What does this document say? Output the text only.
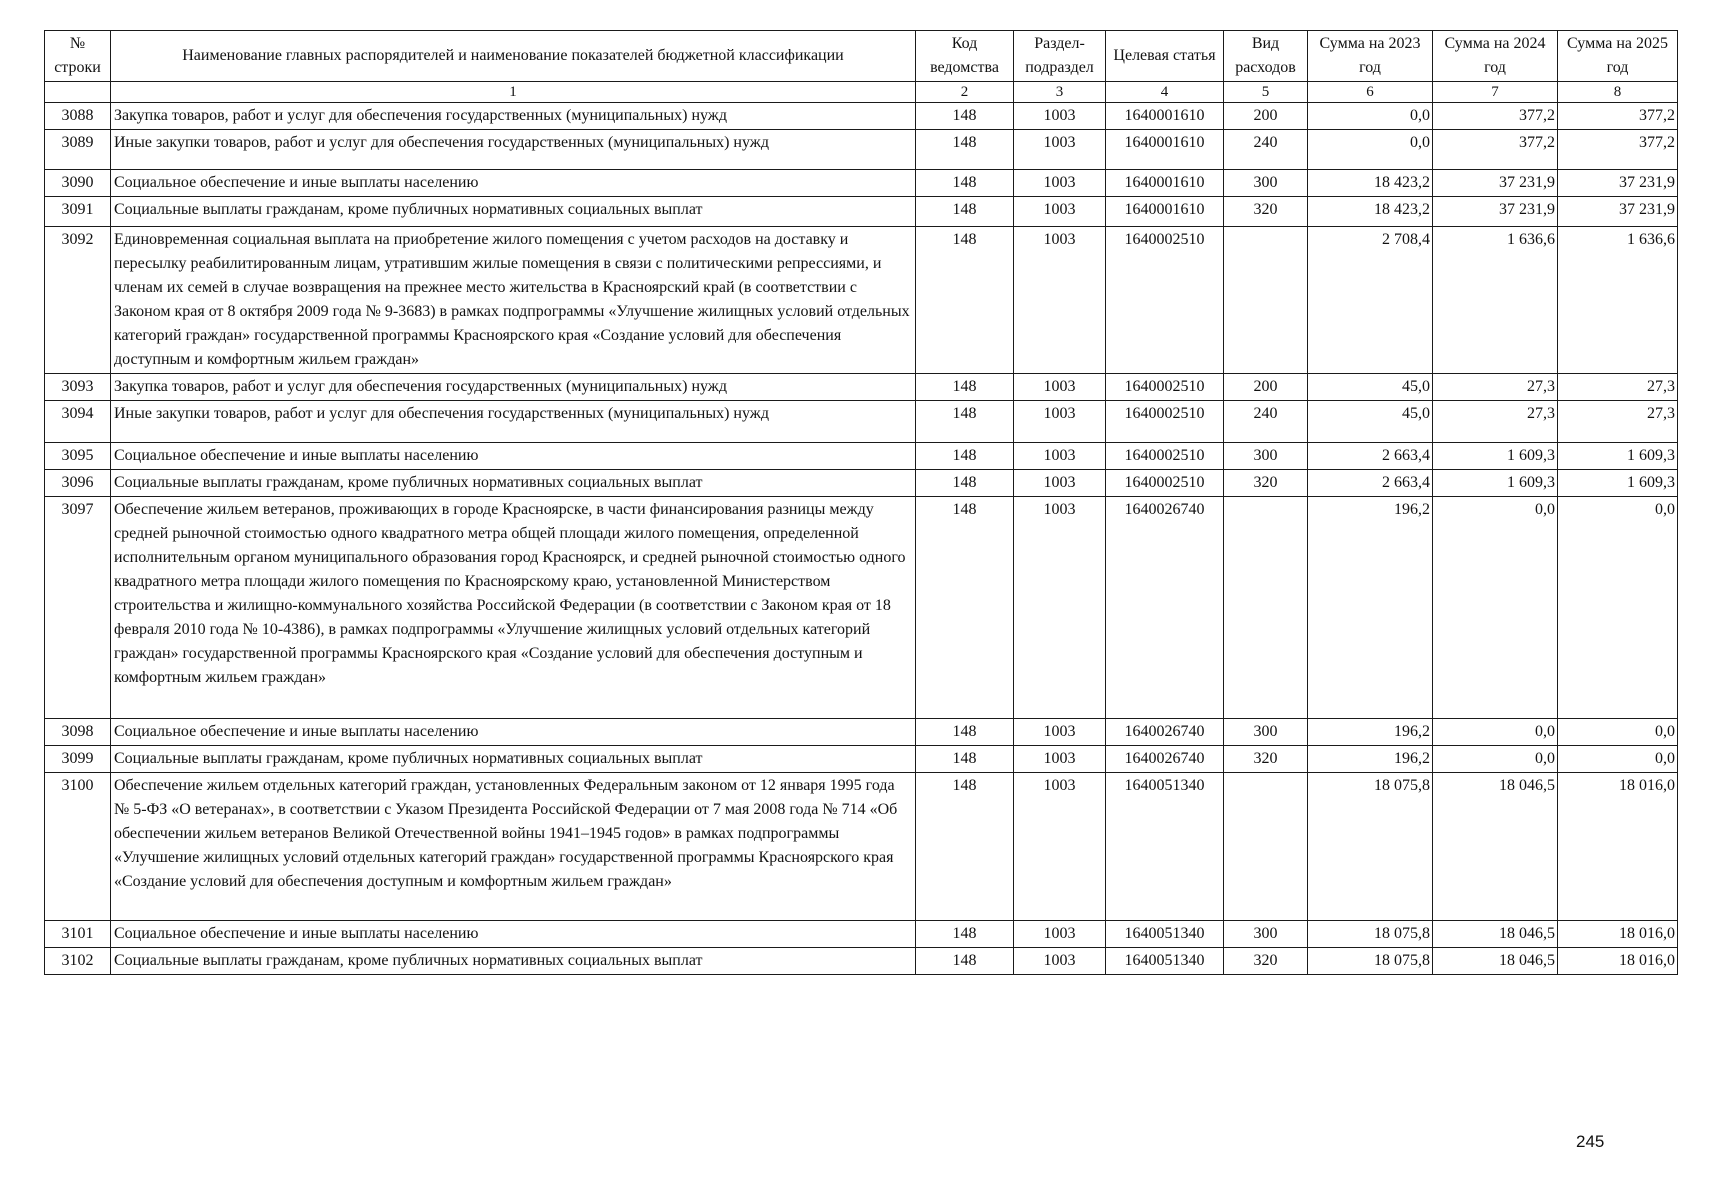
№ строки	Наименование главных распорядителей и наименование показателей бюджетной классификации	Код ведомства	Раздел-подраздел	Целевая статья	Вид расходов	Сумма на 2023 год	Сумма на 2024 год	Сумма на 2025 год
	1	2	3	4	5	6	7	8
3088	Закупка товаров, работ и услуг для обеспечения государственных (муниципальных) нужд	148	1003	1640001610	200	0,0	377,2	377,2
3089	Иные закупки товаров, работ и услуг для обеспечения государственных (муниципальных) нужд	148	1003	1640001610	240	0,0	377,2	377,2
3090	Социальное обеспечение и иные выплаты населению	148	1003	1640001610	300	18 423,2	37 231,9	37 231,9
3091	Социальные выплаты гражданам, кроме публичных нормативных социальных выплат	148	1003	1640001610	320	18 423,2	37 231,9	37 231,9
3092	Единовременная социальная выплата на приобретение жилого помещения с учетом расходов на доставку и пересылку реабилитированным лицам, утратившим жилые помещения в связи с политическими репрессиями, и членам их семей в случае возвращения на прежнее место жительства в Красноярский край (в соответствии с Законом края от 8 октября 2009 года № 9-3683) в рамках подпрограммы «Улучшение жилищных условий отдельных категорий граждан» государственной программы Красноярского края «Создание условий для обеспечения доступным и комфортным жильем граждан»	148	1003	1640002510		2 708,4	1 636,6	1 636,6
3093	Закупка товаров, работ и услуг для обеспечения государственных (муниципальных) нужд	148	1003	1640002510	200	45,0	27,3	27,3
3094	Иные закупки товаров, работ и услуг для обеспечения государственных (муниципальных) нужд	148	1003	1640002510	240	45,0	27,3	27,3
3095	Социальное обеспечение и иные выплаты населению	148	1003	1640002510	300	2 663,4	1 609,3	1 609,3
3096	Социальные выплаты гражданам, кроме публичных нормативных социальных выплат	148	1003	1640002510	320	2 663,4	1 609,3	1 609,3
3097	Обеспечение жильем ветеранов, проживающих в городе Красноярске, в части финансирования разницы между средней рыночной стоимостью одного квадратного метра общей площади жилого помещения, определенной исполнительным органом муниципального образования город Красноярск, и средней рыночной стоимостью одного квадратного метра площади жилого помещения по Красноярскому краю, установленной Министерством строительства и жилищно-коммунального хозяйства Российской Федерации (в соответствии с Законом края от 18 февраля 2010 года № 10-4386), в рамках подпрограммы «Улучшение жилищных условий отдельных категорий граждан» государственной программы Красноярского края «Создание условий для обеспечения доступным и комфортным жильем граждан»	148	1003	1640026740		196,2	0,0	0,0
3098	Социальное обеспечение и иные выплаты населению	148	1003	1640026740	300	196,2	0,0	0,0
3099	Социальные выплаты гражданам, кроме публичных нормативных социальных выплат	148	1003	1640026740	320	196,2	0,0	0,0
3100	Обеспечение жильем отдельных категорий граждан, установленных Федеральным законом от 12 января 1995 года № 5-ФЗ «О ветеранах», в соответствии с Указом Президента Российской Федерации от 7 мая 2008 года № 714 «Об обеспечении жильем ветеранов Великой Отечественной войны 1941–1945 годов» в рамках подпрограммы «Улучшение жилищных условий отдельных категорий граждан» государственной программы Красноярского края «Создание условий для обеспечения доступным и комфортным жильем граждан»	148	1003	1640051340		18 075,8	18 046,5	18 016,0
3101	Социальное обеспечение и иные выплаты населению	148	1003	1640051340	300	18 075,8	18 046,5	18 016,0
3102	Социальные выплаты гражданам, кроме публичных нормативных социальных выплат	148	1003	1640051340	320	18 075,8	18 046,5	18 016,0
245
